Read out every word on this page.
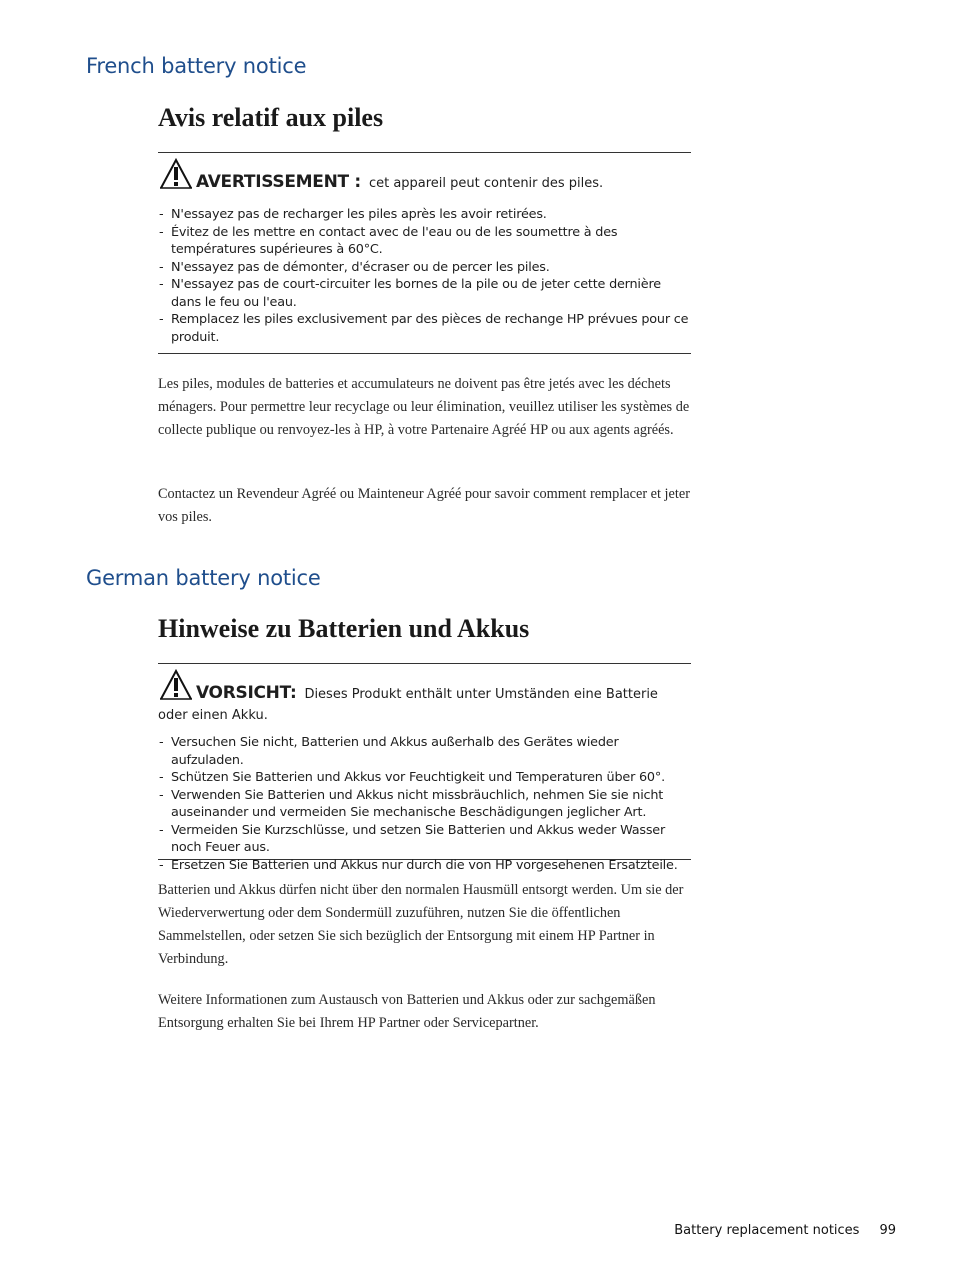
French battery notice
Avis relatif aux piles
AVERTISSEMENT : cet appareil peut contenir des piles.
- N'essayez pas de recharger les piles après les avoir retirées.
- Évitez de les mettre en contact avec de l'eau ou de les soumettre à des températures supérieures à 60°C.
- N'essayez pas de démonter, d'écraser ou de percer les piles.
- N'essayez pas de court-circuiter les bornes de la pile ou de jeter cette dernière dans le feu ou l'eau.
- Remplacez les piles exclusivement par des pièces de rechange HP prévues pour ce produit.

Les piles, modules de batteries et accumulateurs ne doivent pas être jetés avec les déchets ménagers. Pour permettre leur recyclage ou leur élimination, veuillez utiliser les systèmes de collecte publique ou renvoyez-les à HP, à votre Partenaire Agréé HP ou aux agents agréés.

Contactez un Revendeur Agréé ou Mainteneur Agréé pour savoir comment remplacer et jeter vos piles.

German battery notice
Hinweise zu Batterien und Akkus
VORSICHT: Dieses Produkt enthält unter Umständen eine Batterie oder einen Akku.
- Versuchen Sie nicht, Batterien und Akkus außerhalb des Gerätes wieder aufzuladen.
- Schützen Sie Batterien und Akkus vor Feuchtigkeit und Temperaturen über 60°.
- Verwenden Sie Batterien und Akkus nicht missbräuchlich, nehmen Sie sie nicht auseinander und vermeiden Sie mechanische Beschädigungen jeglicher Art.
- Vermeiden Sie Kurzschlüsse, und setzen Sie Batterien und Akkus weder Wasser noch Feuer aus.
- Ersetzen Sie Batterien und Akkus nur durch die von HP vorgesehenen Ersatzteile.

Batterien und Akkus dürfen nicht über den normalen Hausmüll entsorgt werden. Um sie der Wiederverwertung oder dem Sondermüll zuzuführen, nutzen Sie die öffentlichen Sammelstellen, oder setzen Sie sich bezüglich der Entsorgung mit einem HP Partner in Verbindung.

Weitere Informationen zum Austausch von Batterien und Akkus oder zur sachgemäßen Entsorgung erhalten Sie bei Ihrem HP Partner oder Servicepartner.

Battery replacement notices 99
